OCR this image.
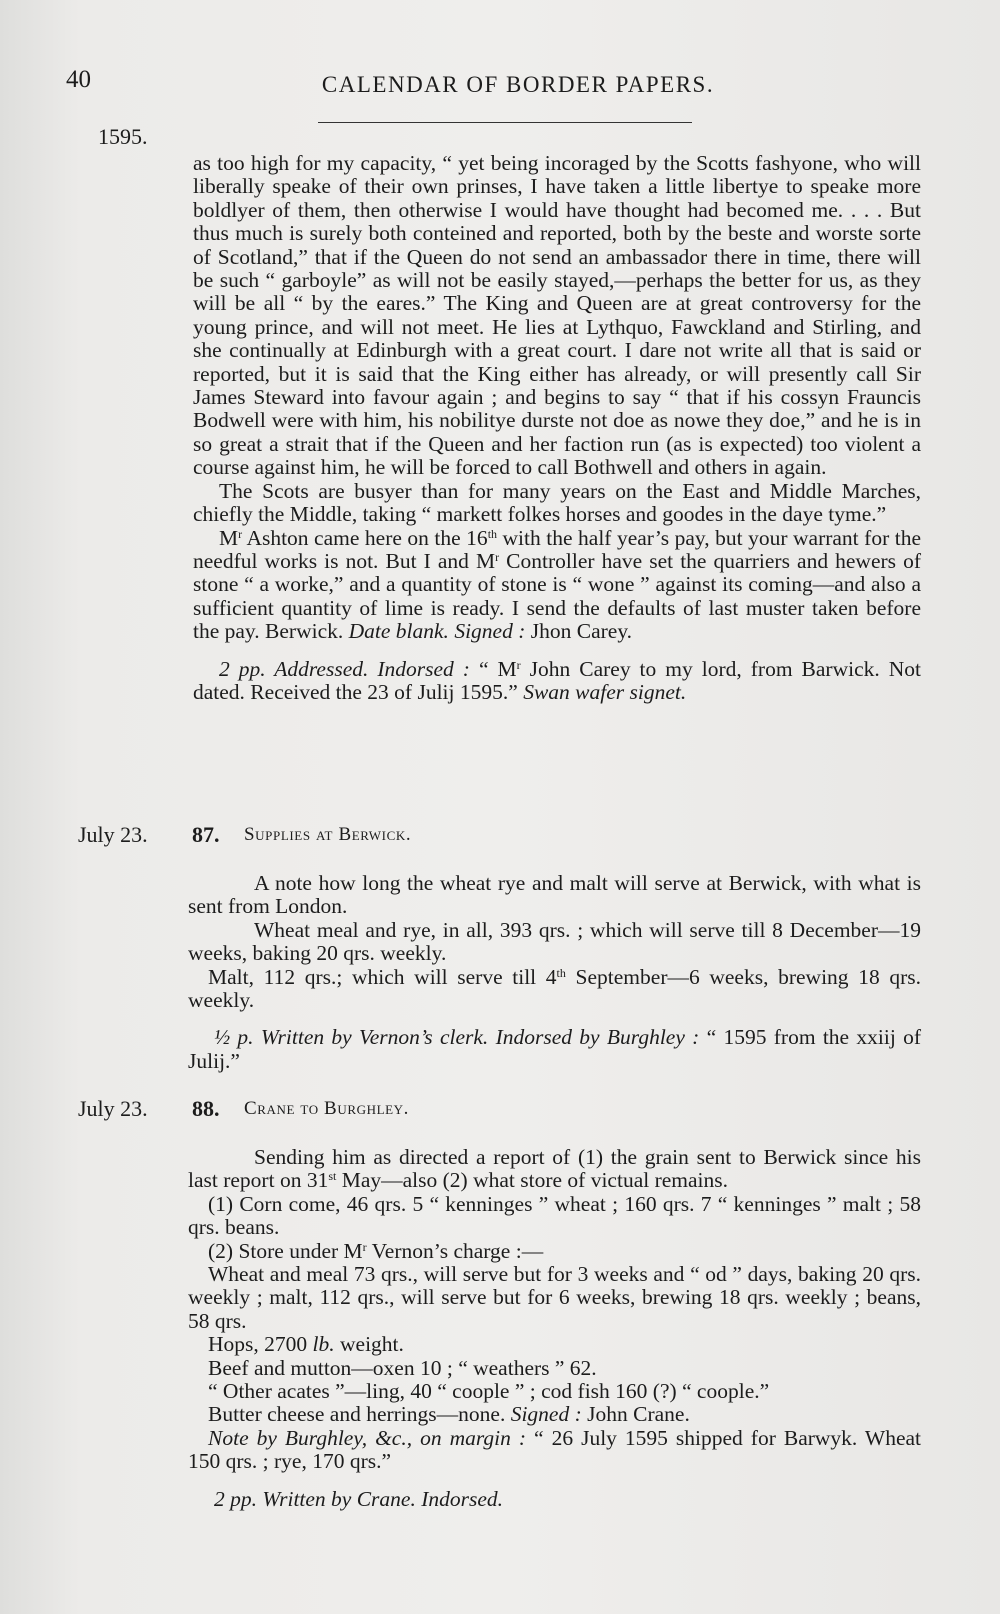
40	CALENDAR OF BORDER PAPERS.
1595.

as too high for my capacity, “ yet being incoraged by the Scotts fashyone, who will liberally speake of their own prinses, I have taken a little libertye to speake more boldlyer of them, then otherwise I would have thought had becomed me. . . . But thus much is surely both conteined and reported, both by the beste and worste sorte of Scotland,” that if the Queen do not send an ambassador there in time, there will be such “ garboyle” as will not be easily stayed,—perhaps the better for us, as they will be all “ by the eares.” The King and Queen are at great controversy for the young prince, and will not meet. He lies at Lythquo, Fawckland and Stirling, and she continually at Edinburgh with a great court. I dare not write all that is said or reported, but it is said that the King either has already, or will presently call Sir James Steward into favour again ; and begins to say “ that if his cossyn Frauncis Bodwell were with him, his nobilitye durste not doe as nowe they doe,” and he is in so great a strait that if the Queen and her faction run (as is expected) too violent a course against him, he will be forced to call Bothwell and others in again.

The Scots are busyer than for many years on the East and Middle Marches, chiefly the Middle, taking “ markett folkes horses and goodes in the daye tyme.”

$M^r$ Ashton came here on the 16th with the half year’s pay, but your warrant for the needful works is not. But I and $M^r$ Controller have set the quarriers and hewers of stone “ a worke,” and a quantity of stone is “ wone ” against its coming—and also a sufficient quantity of lime is ready. I send the defaults of last muster taken before the pay. Berwick. Date blank. Signed : Jhon Carey.

2 pp. Addressed. Indorsed : “ $M^r$ John Carey to my lord, from Barwick. Not dated. Received the 23 of Julij 1595.” Swan wafer signet.

July 23. 87. Supplies at Berwick.

A note how long the wheat rye and malt will serve at Berwick, with what is sent from London.

Wheat meal and rye, in all, 393 qrs. ; which will serve till 8 December—19 weeks, baking 20 qrs. weekly.

Malt, 112 qrs.; which will serve till 4th September—6 weeks, brewing 18 qrs. weekly.

½ p. Written by Vernon’s clerk. Indorsed by Burghley : “ 1595 from the xxiij of Julij.”

July 23. 88. Crane to Burghley.

Sending him as directed a report of (1) the grain sent to Berwick since his last report on 31st May—also (2) what store of victual remains.

(1) Corn come, 46 qrs. 5 “ kenninges ” wheat ; 160 qrs. 7 “ kenninges ” malt ; 58 qrs. beans.

(2) Store under $M^r$ Vernon’s charge :—

Wheat and meal 73 qrs., will serve but for 3 weeks and “ od ” days, baking 20 qrs. weekly ; malt, 112 qrs., will serve but for 6 weeks, brewing 18 qrs. weekly ; beans, 58 qrs.

Hops, 2700 lb. weight.

Beef and mutton—oxen 10 ; “ weathers ” 62.

“ Other acates ”—ling, 40 “ coople ” ; cod fish 160 (?) “ coople.”

Butter cheese and herrings—none. Signed : John Crane.

Note by Burghley, &c., on margin : “ 26 July 1595 shipped for Barwyk. Wheat 150 qrs. ; rye, 170 qrs.”

2 pp. Written by Crane. Indorsed.
